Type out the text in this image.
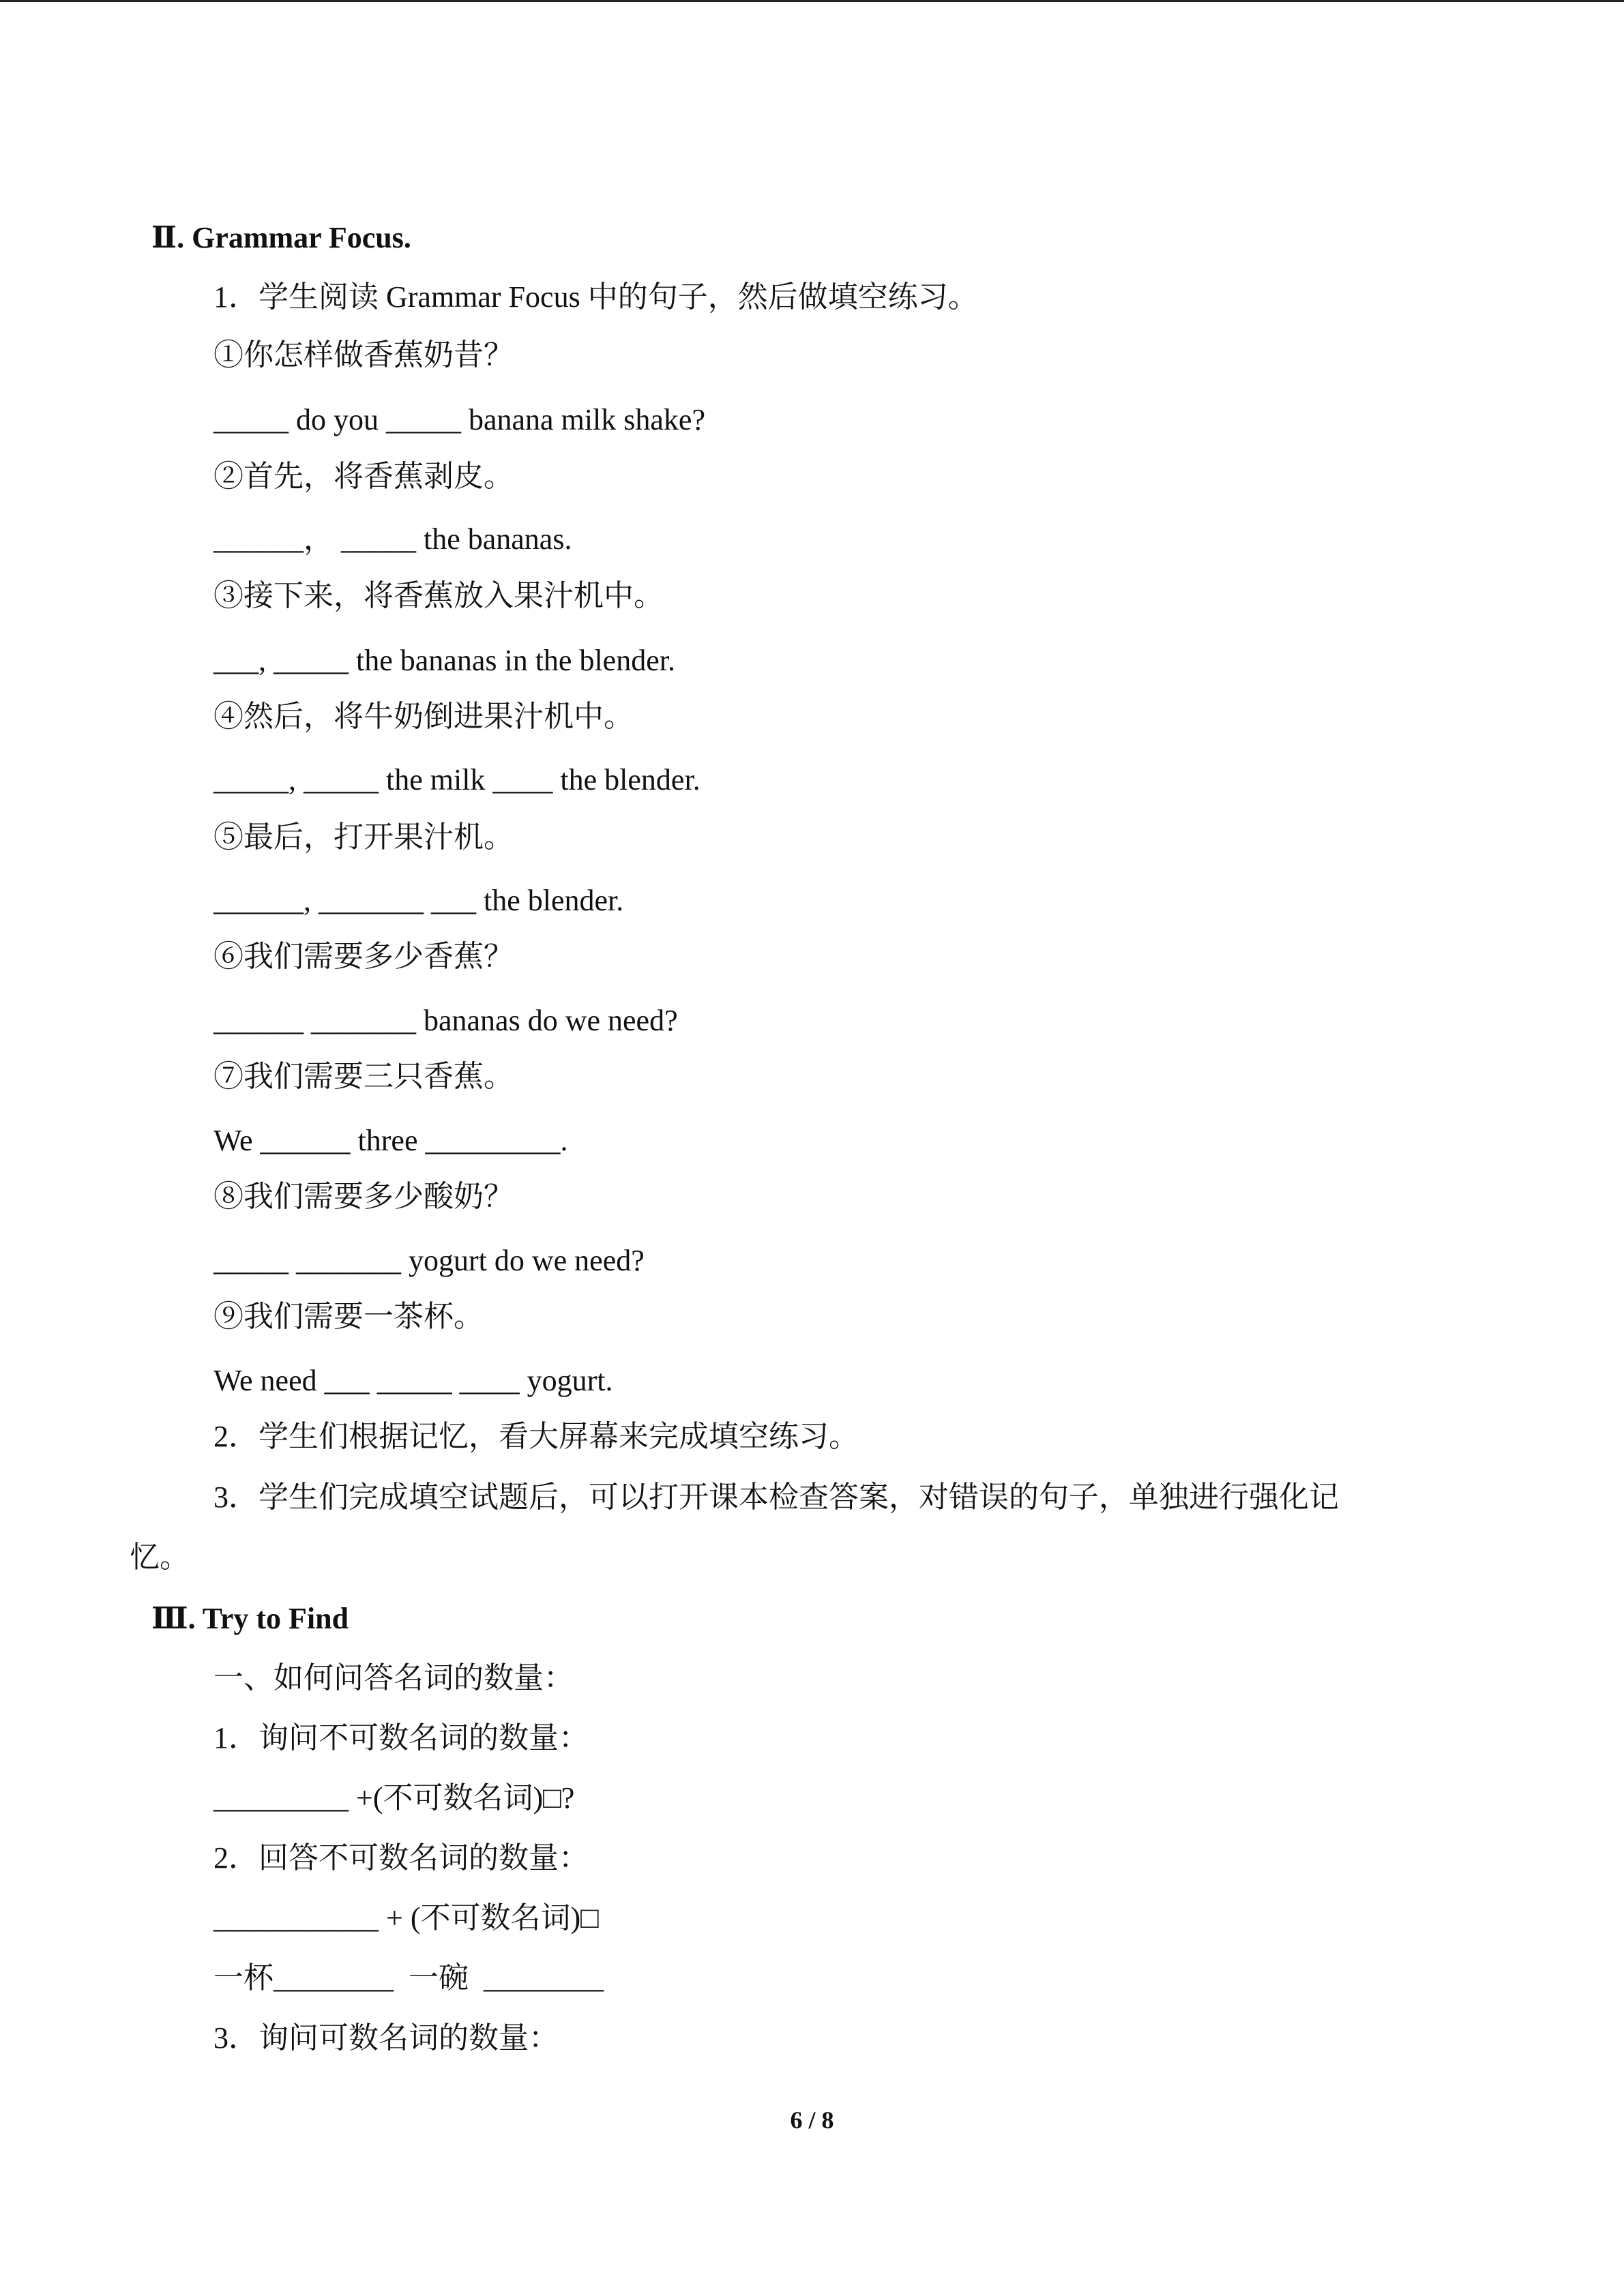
Ⅱ. Grammar Focus.
1．学生阅读 Grammar Focus 中的句子，然后做填空练习。
①你怎样做香蕉奶昔？
_____ do you _____ banana milk shake?
②首先，将香蕉剥皮。
______， _____ the bananas.
③接下来，将香蕉放入果汁机中。
___, _____ the bananas in the blender.
④然后，将牛奶倒进果汁机中。
_____, _____ the milk ____ the blender.
⑤最后，打开果汁机。
______, _______ ___ the blender.
⑥我们需要多少香蕉？
______ _______ bananas do we need?
⑦我们需要三只香蕉。
We ______ three _________.
⑧我们需要多少酸奶？
_____ _______ yogurt do we need?
⑨我们需要一茶杯。
We need ___ _____ ____ yogurt.
2．学生们根据记忆，看大屏幕来完成填空练习。
3．学生们完成填空试题后，可以打开课本检查答案，对错误的句子，单独进行强化记
忆。
Ⅲ. Try to Find
一、如何问答名词的数量：
1．询问不可数名词的数量：
_________ +(不可数名词)□?
2．回答不可数名词的数量：
___________ + (不可数名词)□
一杯________  一碗  ________
3．询问可数名词的数量：
6 / 8
